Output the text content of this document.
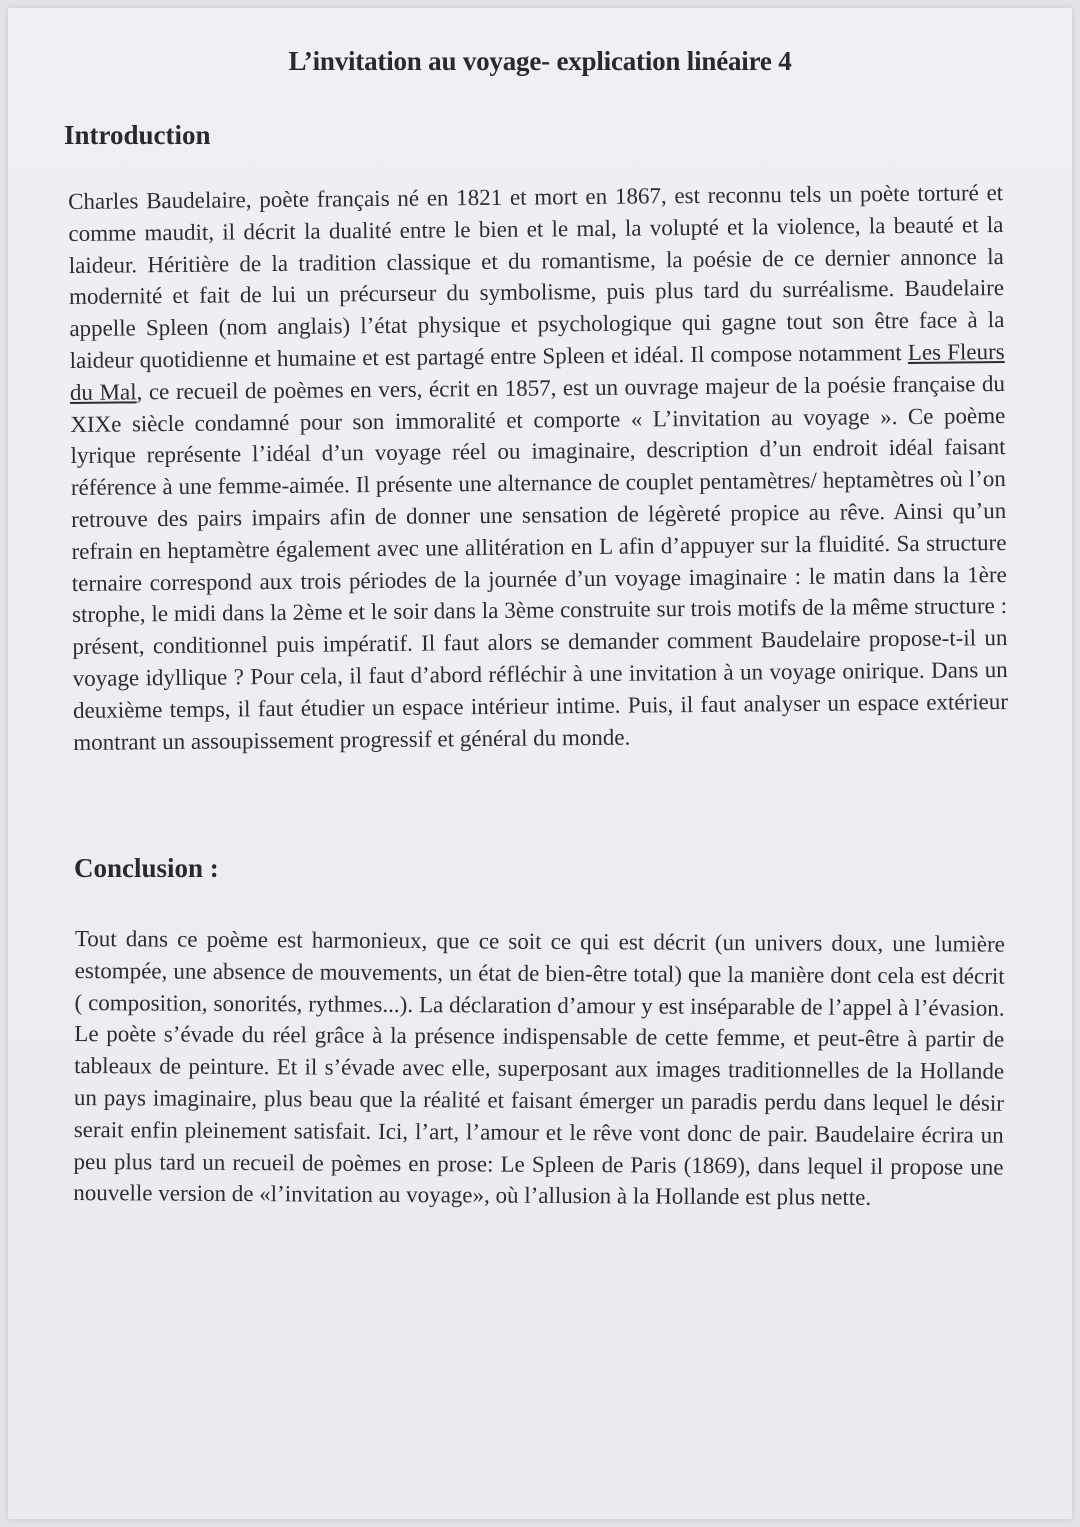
L’invitation au voyage- explication linéaire 4
Introduction

Charles Baudelaire, poète français né en 1821 et mort en 1867, est reconnu tels un poète torturé et comme maudit, il décrit la dualité entre le bien et le mal, la volupté et la violence, la beauté et la laideur. Héritière de la tradition classique et du romantisme, la poésie de ce dernier annonce la modernité et fait de lui un précurseur du symbolisme, puis plus tard du surréalisme. Baudelaire appelle Spleen (nom anglais) l’état physique et psychologique qui gagne tout son être face à la laideur quotidienne et humaine et est partagé entre Spleen et idéal. Il compose notamment Les Fleurs du Mal, ce recueil de poèmes en vers, écrit en 1857, est un ouvrage majeur de la poésie française du XIXe siècle condamné pour son immoralité et comporte « L’invitation au voyage ». Ce poème lyrique représente l’idéal d’un voyage réel ou imaginaire, description d’un endroit idéal faisant référence à une femme-aimée. Il présente une alternance de couplet pentamètres/ heptamètres où l’on retrouve des pairs impairs afin de donner une sensation de légèreté propice au rêve. Ainsi qu’un refrain en heptamètre également avec une allitération en L afin d’appuyer sur la fluidité. Sa structure ternaire correspond aux trois périodes de la journée d’un voyage imaginaire : le matin dans la 1ère strophe, le midi dans la 2ème et le soir dans la 3ème construite sur trois motifs de la même structure : présent, conditionnel puis impératif. Il faut alors se demander comment Baudelaire propose-t-il un voyage idyllique ? Pour cela, il faut d’abord réfléchir à une invitation à un voyage onirique. Dans un deuxième temps, il faut étudier un espace intérieur intime. Puis, il faut analyser un espace extérieur montrant un assoupissement progressif et général du monde.

Conclusion :

Tout dans ce poème est harmonieux, que ce soit ce qui est décrit (un univers doux, une lumière estompée, une absence de mouvements, un état de bien-être total) que la manière dont cela est décrit ( composition, sonorités, rythmes...). La déclaration d’amour y est inséparable de l’appel à l’évasion. Le poète s’évade du réel grâce à la présence indispensable de cette femme, et peut-être à partir de tableaux de peinture. Et il s’évade avec elle, superposant aux images traditionnelles de la Hollande un pays imaginaire, plus beau que la réalité et faisant émerger un paradis perdu dans lequel le désir serait enfin pleinement satisfait. Ici, l’art, l’amour et le rêve vont donc de pair. Baudelaire écrira un peu plus tard un recueil de poèmes en prose: Le Spleen de Paris (1869), dans lequel il propose une nouvelle version de «l’invitation au voyage», où l’allusion à la Hollande est plus nette.
